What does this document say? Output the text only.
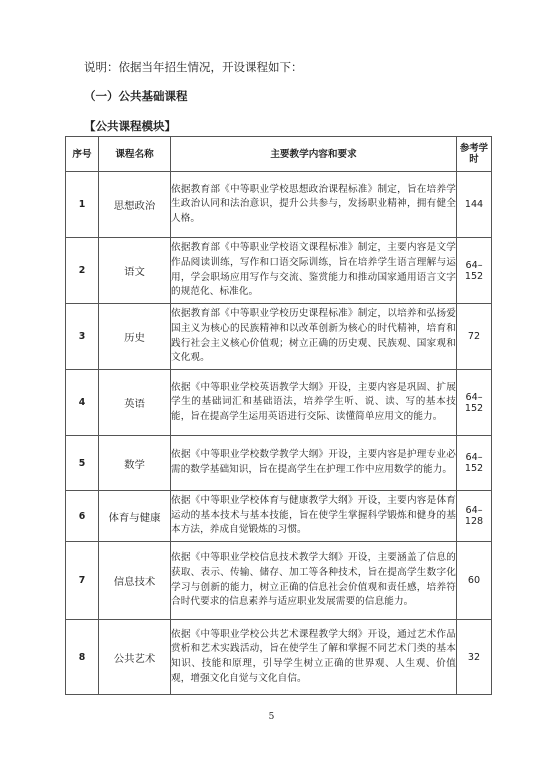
说明：依据当年招生情况，开设课程如下：
（一）公共基础课程
【公共课程模块】
序号	课程名称	主要教学内容和要求	参考学时
1	思想政治	依据教育部《中等职业学校思想政治课程标准》制定，旨在培养学生政治认同和法治意识，提升公共参与，发扬职业精神，拥有健全人格。	144
2	语文	依据教育部《中等职业学校语文课程标准》制定，主要内容是文学作品阅读训练，写作和口语交际训练，旨在培养学生语言理解与运用，学会职场应用写作与交流、鉴赏能力和推动国家通用语言文字的规范化、标准化。	64–152
3	历史	依据教育部《中等职业学校历史课程标准》制定，以培养和弘扬爱国主义为核心的民族精神和以改革创新为核心的时代精神，培育和践行社会主义核心价值观；树立正确的历史观、民族观、国家观和文化观。	72
4	英语	依据《中等职业学校英语教学大纲》开设，主要内容是巩固、扩展学生的基础词汇和基础语法，培养学生听、说、读、写的基本技能，旨在提高学生运用英语进行交际、读懂简单应用文的能力。	64–152
5	数学	依据《中等职业学校数学教学大纲》开设，主要内容是护理专业必需的数学基础知识，旨在提高学生在护理工作中应用数学的能力。	64–152
6	体育与健康	依据《中等职业学校体育与健康教学大纲》开设，主要内容是体育运动的基本技术与基本技能，旨在使学生掌握科学锻炼和健身的基本方法，养成自觉锻炼的习惯。	64–128
7	信息技术	依据《中等职业学校信息技术教学大纲》开设，主要涵盖了信息的获取、表示、传输、储存、加工等各种技术，旨在提高学生数字化学习与创新的能力，树立正确的信息社会价值观和责任感，培养符合时代要求的信息素养与适应职业发展需要的信息能力。	60
8	公共艺术	依据《中等职业学校公共艺术课程教学大纲》开设，通过艺术作品赏析和艺术实践活动，旨在使学生了解和掌握不同艺术门类的基本知识、技能和原理，引导学生树立正确的世界观、人生观、价值观，增强文化自觉与文化自信。	32
5
